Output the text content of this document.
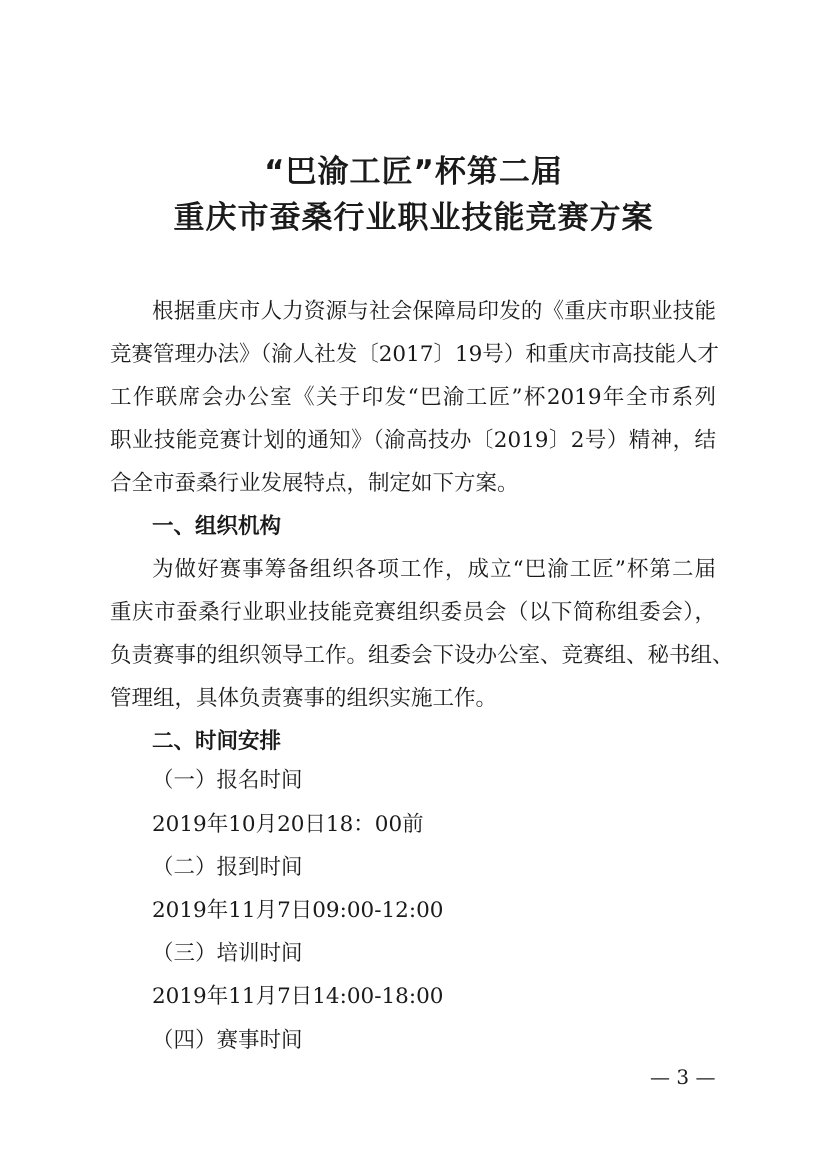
“巴渝工匠”杯第二届
重庆市蚕桑行业职业技能竞赛方案
根据重庆市人力资源与社会保障局印发的《重庆市职业技能
竞赛管理办法》（渝人社发〔2017〕19号）和重庆市高技能人才
工作联席会办公室《关于印发“巴渝工匠”杯2019年全市系列
职业技能竞赛计划的通知》（渝高技办〔2019〕2号）精神，结
合全市蚕桑行业发展特点，制定如下方案。
一、组织机构
为做好赛事筹备组织各项工作，成立“巴渝工匠”杯第二届
重庆市蚕桑行业职业技能竞赛组织委员会（以下简称组委会），
负责赛事的组织领导工作。组委会下设办公室、竞赛组、秘书组、
管理组，具体负责赛事的组织实施工作。
二、时间安排
（一）报名时间
2019年10月20日18：00前
（二）报到时间
2019年11月7日09:00-12:00
（三）培训时间
2019年11月7日14:00-18:00
（四）赛事时间
— 3 —
